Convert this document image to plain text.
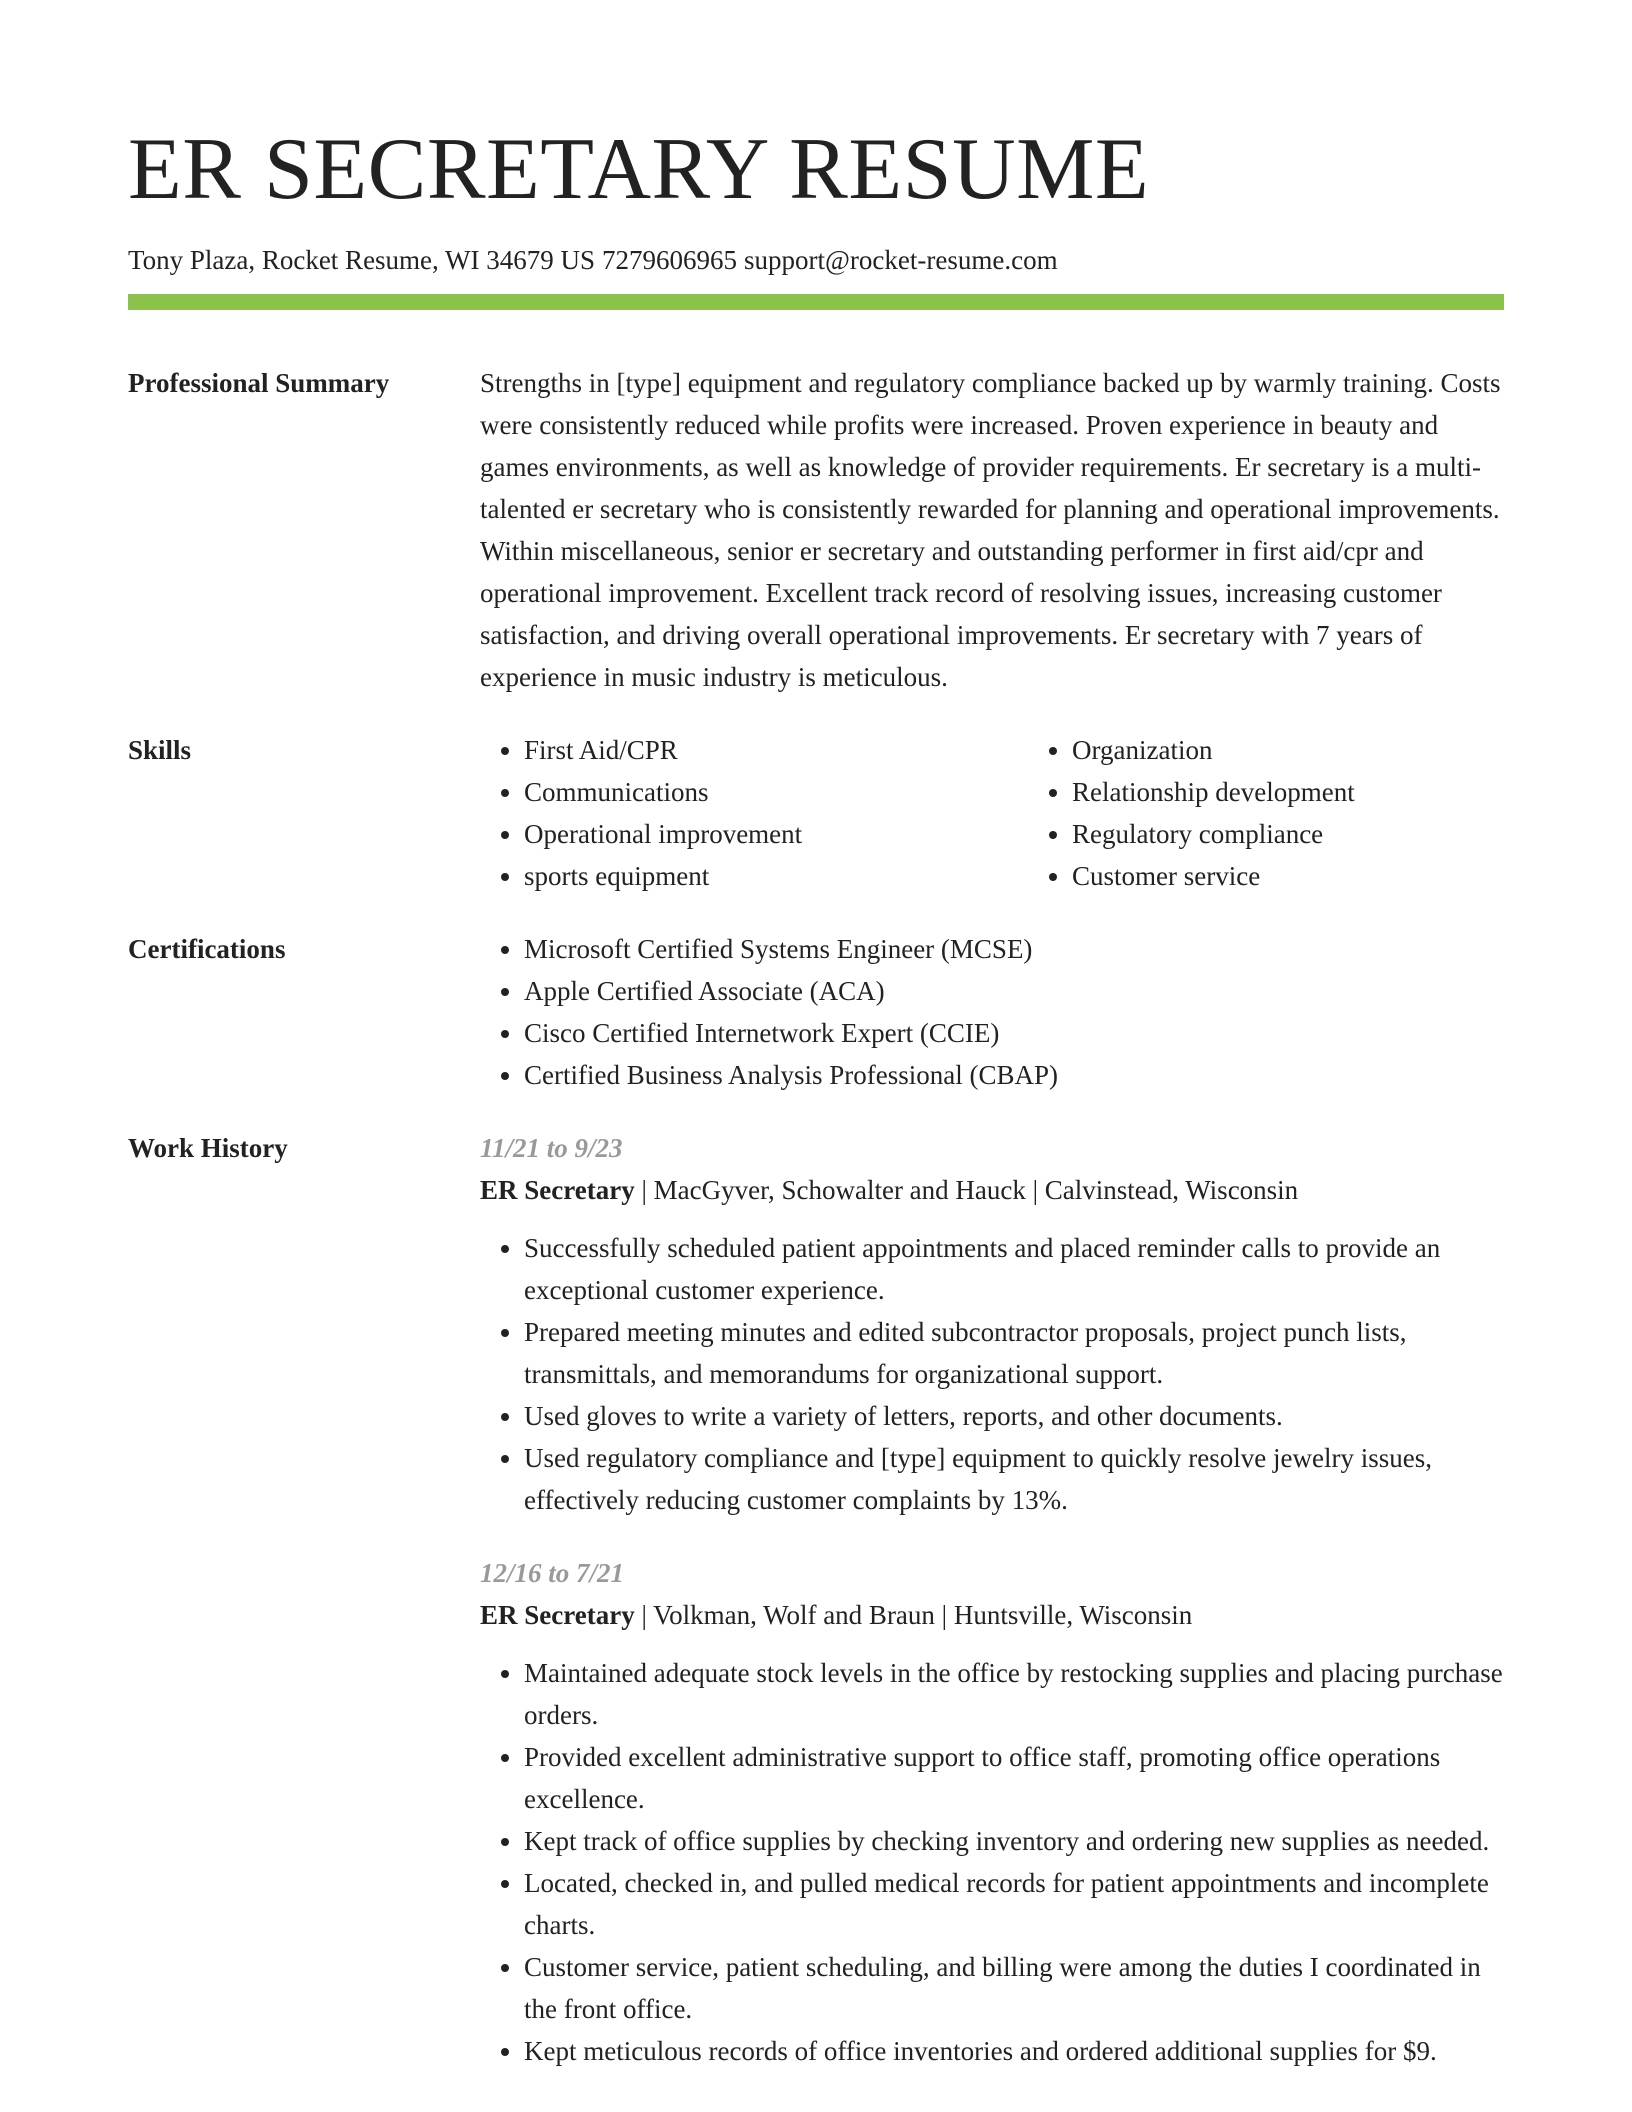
ER SECRETARY RESUME
Tony Plaza, Rocket Resume, WI 34679 US 7279606965 support@rocket-resume.com
Professional Summary	Strengths in [type] equipment and regulatory compliance backed up by warmly training. Costs were consistently reduced while profits were increased. Proven experience in beauty and games environments, as well as knowledge of provider requirements. Er secretary is a multi-talented er secretary who is consistently rewarded for planning and operational improvements. Within miscellaneous, senior er secretary and outstanding performer in first aid/cpr and operational improvement. Excellent track record of resolving issues, increasing customer satisfaction, and driving overall operational improvements. Er secretary with 7 years of experience in music industry is meticulous.

Skills	• First Aid/CPR
• Communications
• Operational improvement
• sports equipment
• Organization
• Relationship development
• Regulatory compliance
• Customer service
Certifications	• Microsoft Certified Systems Engineer (MCSE)
• Apple Certified Associate (ACA)
• Cisco Certified Internetwork Expert (CCIE)
• Certified Business Analysis Professional (CBAP)
Work History	11/21 to 9/23
ER Secretary | MacGyver, Schowalter and Hauck | Calvinstead, Wisconsin
• Successfully scheduled patient appointments and placed reminder calls to provide an exceptional customer experience.
• Prepared meeting minutes and edited subcontractor proposals, project punch lists, transmittals, and memorandums for organizational support.
• Used gloves to write a variety of letters, reports, and other documents.
• Used regulatory compliance and [type] equipment to quickly resolve jewelry issues, effectively reducing customer complaints by 13%.
12/16 to 7/21
ER Secretary | Volkman, Wolf and Braun | Huntsville, Wisconsin
• Maintained adequate stock levels in the office by restocking supplies and placing purchase orders.
• Provided excellent administrative support to office staff, promoting office operations excellence.
• Kept track of office supplies by checking inventory and ordering new supplies as needed.
• Located, checked in, and pulled medical records for patient appointments and incomplete charts.
• Customer service, patient scheduling, and billing were among the duties I coordinated in the front office.
• Kept meticulous records of office inventories and ordered additional supplies for $9.
